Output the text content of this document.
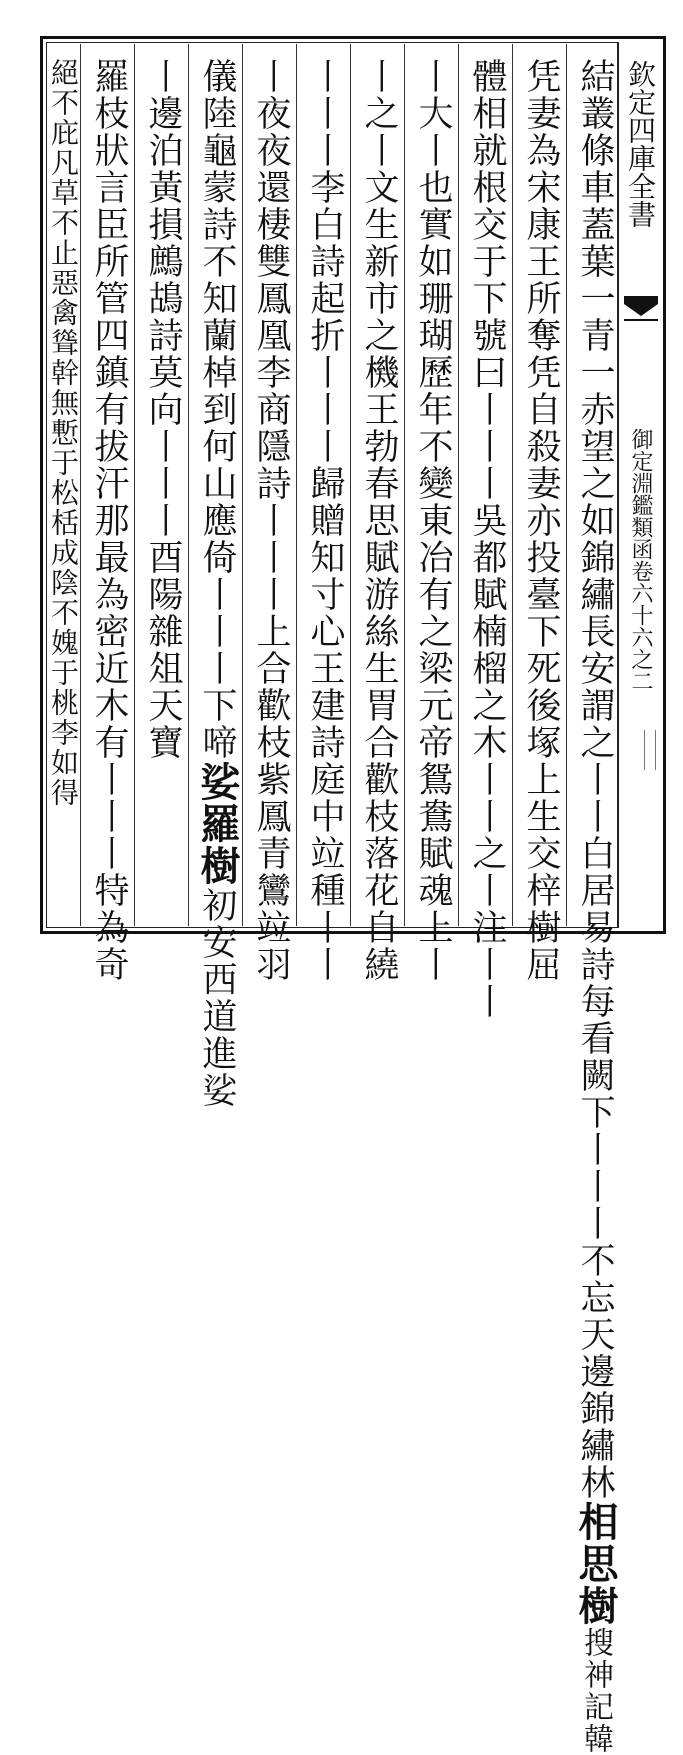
欽定四庫全書御定淵鑑類函卷六十六之二
結叢條車蓋葉一青一赤望之如錦繡長安謂之丨丨白居易詩每看闕下丨丨丨不忘天邊錦繡林相思樹搜神記韓
凭妻為宋康王所奪凭自殺妻亦投臺下死後塚上生交梓樹屈
體相就根交于下號曰丨丨丨吳都賦楠榴之木丨丨之丨注丨丨
丨大丨也實如珊瑚歷年不變東冶有之梁元帝鴛鴦賦魂上丨
丨之丨文生新市之機王勃春思賦游絲生胃合歡枝落花自繞
丨丨丨李白詩起折丨丨丨歸贈知寸心王建詩庭中竝種丨丨
丨夜夜還棲雙鳳凰李商隱詩丨丨丨上合歡枝紫鳳青鸞竝羽
儀陸龜蒙詩不知蘭棹到何山應倚丨丨丨下啼娑羅樹初安西道進娑
丨邊泊黃損鷓鴣詩莫向丨丨丨酉陽雜俎天寶
羅枝狀言臣所管四鎮有拔汗那最為密近木有丨丨丨特為奇
絕不庇凡草不止惡禽聳幹無慙于松栝成陰不媿于桃李如得
